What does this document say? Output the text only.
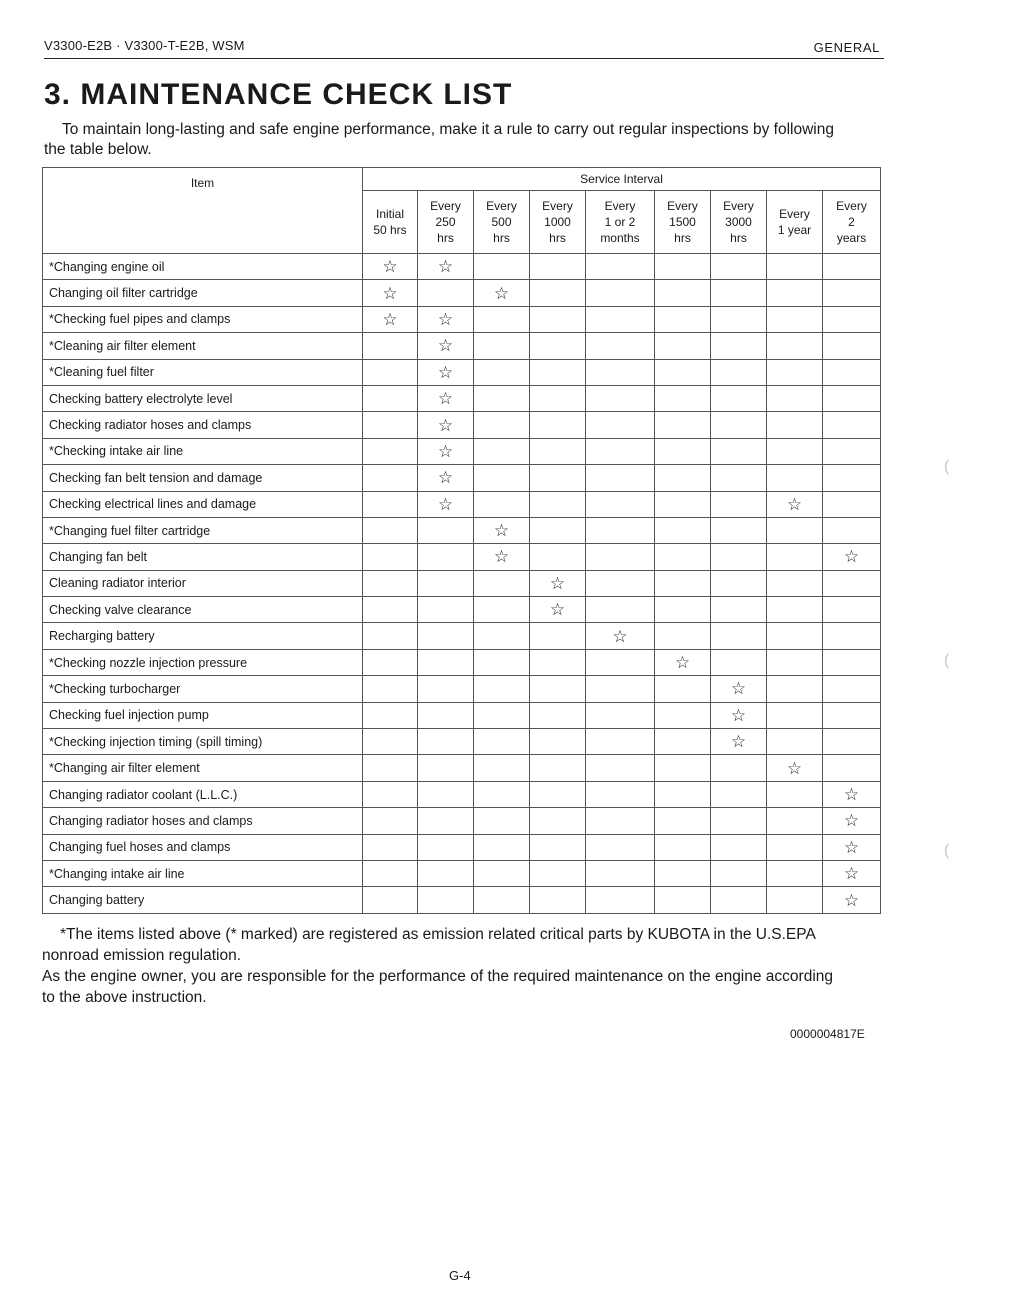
V3300-E2B · V3300-T-E2B, WSM	GENERAL
3. MAINTENANCE CHECK LIST

To maintain long-lasting and safe engine performance, make it a rule to carry out regular inspections by following
the table below.

Item	Service Interval								

	Initial
50 hrs	Every
250
hrs	Every
500
hrs	Every
1000
hrs	Every
1 or 2
months	Every
1500
hrs	Every
3000
hrs	Every
1 year	Every
2
years

*Changing engine oil	☆	☆							
Changing oil filter cartridge	☆		☆						
*Checking fuel pipes and clamps	☆	☆							
*Cleaning air filter element		☆							
*Cleaning fuel filter		☆							
Checking battery electrolyte level		☆							
Checking radiator hoses and clamps		☆							
*Checking intake air line		☆							
Checking fan belt tension and damage		☆							
Checking electrical lines and damage		☆						☆	
*Changing fuel filter cartridge			☆						
Changing fan belt			☆						☆
Cleaning radiator interior				☆					
Checking valve clearance				☆					
Recharging battery					☆				
*Checking nozzle injection pressure						☆			
*Checking turbocharger							☆		
Checking fuel injection pump							☆		
*Checking injection timing (spill timing)							☆		
*Changing air filter element								☆	
Changing radiator coolant (L.L.C.)									☆
Changing radiator hoses and clamps									☆
Changing fuel hoses and clamps									☆
*Changing intake air line									☆
Changing battery									☆

*The items listed above (* marked) are registered as emission related critical parts by KUBOTA in the U.S.EPA
nonroad emission regulation.
As the engine owner, you are responsible for the performance of the required maintenance on the engine according
to the above instruction.

0000004817E
G-4
(
(
(
